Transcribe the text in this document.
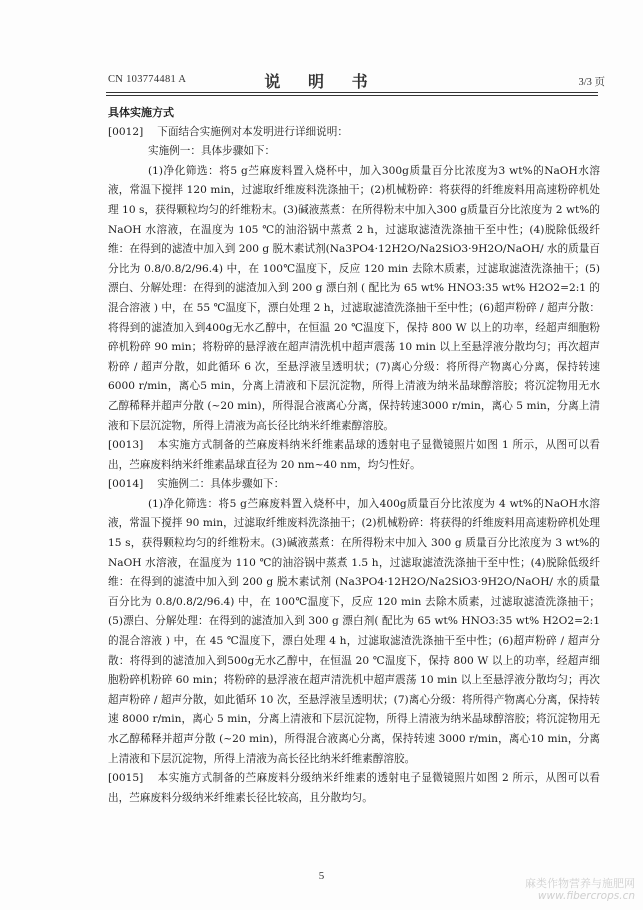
CN 103774481 A	说 明 书	3/3 页

具体实施方式

[0012] 下面结合实施例对本发明进行详细说明：

实施例一：具体步骤如下：

(1)净化筛选：将5 g苎麻废料置入烧杯中，加入300g质量百分比浓度为3 wt%的NaOH水溶液，常温下搅拌 120 min，过滤取纤维废料洗涤抽干；(2)机械粉碎：将获得的纤维废料用高速粉碎机处理 10 s，获得颗粒均匀的纤维粉末。(3)碱液蒸煮：在所得粉末中加入300 g质量百分比浓度为 2 wt%的 NaOH 水溶液，在温度为 105 ℃的油浴锅中蒸煮 2 h，过滤取滤渣洗涤抽干至中性；(4)脱除低级纤维：在得到的滤渣中加入到 200 g 脱木素试剂(Na3PO4·12H2O/Na2SiO3·9H2O/NaOH/ 水的质量百分比为 0.8/0.8/2/96.4) 中，在 100℃温度下，反应 120 min 去除木质素，过滤取滤渣洗涤抽干；(5)漂白、分解处理：在得到的滤渣加入到 200 g 漂白剂 ( 配比为 65 wt% HNO3:35 wt% H2O2=2:1 的混合溶液 ) 中，在 55 ℃温度下，漂白处理 2 h，过滤取滤渣洗涤抽干至中性；(6)超声粉碎 / 超声分散：将得到的滤渣加入到400g无水乙醇中，在恒温 20 ℃温度下，保持 800 W 以上的功率，经超声细胞粉碎机粉碎 90 min；将粉碎的悬浮液在超声清洗机中超声震荡 10 min 以上至悬浮液分散均匀；再次超声粉碎 / 超声分散，如此循环 6 次，至悬浮液呈透明状；(7)离心分级：将所得产物离心分离，保持转速6000 r/min，离心5 min，分离上清液和下层沉淀物，所得上清液为纳米晶球醇溶胶；将沉淀物用无水乙醇稀释并超声分散 (~20 min)，所得混合液离心分离，保持转速3000 r/min，离心 5 min，分离上清液和下层沉淀物，所得上清液为高长径比纳米纤维素醇溶胶。

[0013] 本实施方式制备的苎麻废料纳米纤维素晶球的透射电子显微镜照片如图 1 所示，从图可以看出，苎麻废料纳米纤维素晶球直径为 20 nm~40 nm，均匀性好。

[0014] 实施例二：具体步骤如下：

(1)净化筛选：将5 g苎麻废料置入烧杯中，加入400g质量百分比浓度为 4 wt%的NaOH水溶液，常温下搅拌 90 min，过滤取纤维废料洗涤抽干；(2)机械粉碎：将获得的纤维废料用高速粉碎机处理 15 s，获得颗粒均匀的纤维粉末。(3)碱液蒸煮：在所得粉末中加入 300 g 质量百分比浓度为 3 wt%的 NaOH 水溶液，在温度为 110 ℃的油浴锅中蒸煮 1.5 h，过滤取滤渣洗涤抽干至中性；(4)脱除低级纤维：在得到的滤渣中加入到 200 g 脱木素试剂 (Na3PO4·12H2O/Na2SiO3·9H2O/NaOH/ 水的质量百分比为 0.8/0.8/2/96.4) 中，在 100℃温度下，反应 120 min 去除木质素，过滤取滤渣洗涤抽干；(5)漂白、分解处理：在得到的滤渣加入到 300 g 漂白剂( 配比为 65 wt% HNO3:35 wt% H2O2=2:1 的混合溶液 ) 中，在 45 ℃温度下，漂白处理 4 h，过滤取滤渣洗涤抽干至中性；(6)超声粉碎 / 超声分散：将得到的滤渣加入到500g无水乙醇中，在恒温 20 ℃温度下，保持 800 W 以上的功率，经超声细胞粉碎机粉碎 60 min；将粉碎的悬浮液在超声清洗机中超声震荡 10 min 以上至悬浮液分散均匀；再次超声粉碎 / 超声分散，如此循环 10 次，至悬浮液呈透明状；(7)离心分级：将所得产物离心分离，保持转速 8000 r/min，离心 5 min，分离上清液和下层沉淀物，所得上清液为纳米晶球醇溶胶；将沉淀物用无水乙醇稀释并超声分散 (~20 min)，所得混合液离心分离，保持转速 3000 r/min，离心10 min，分离上清液和下层沉淀物，所得上清液为高长径比纳米纤维素醇溶胶。

[0015] 本实施方式制备的苎麻废料分级纳米纤维素的透射电子显微镜照片如图 2 所示，从图可以看出，苎麻废料分级纳米纤维素长径比较高，且分散均匀。

5
麻类作物营养与施肥网
www.fibercrops.cn
